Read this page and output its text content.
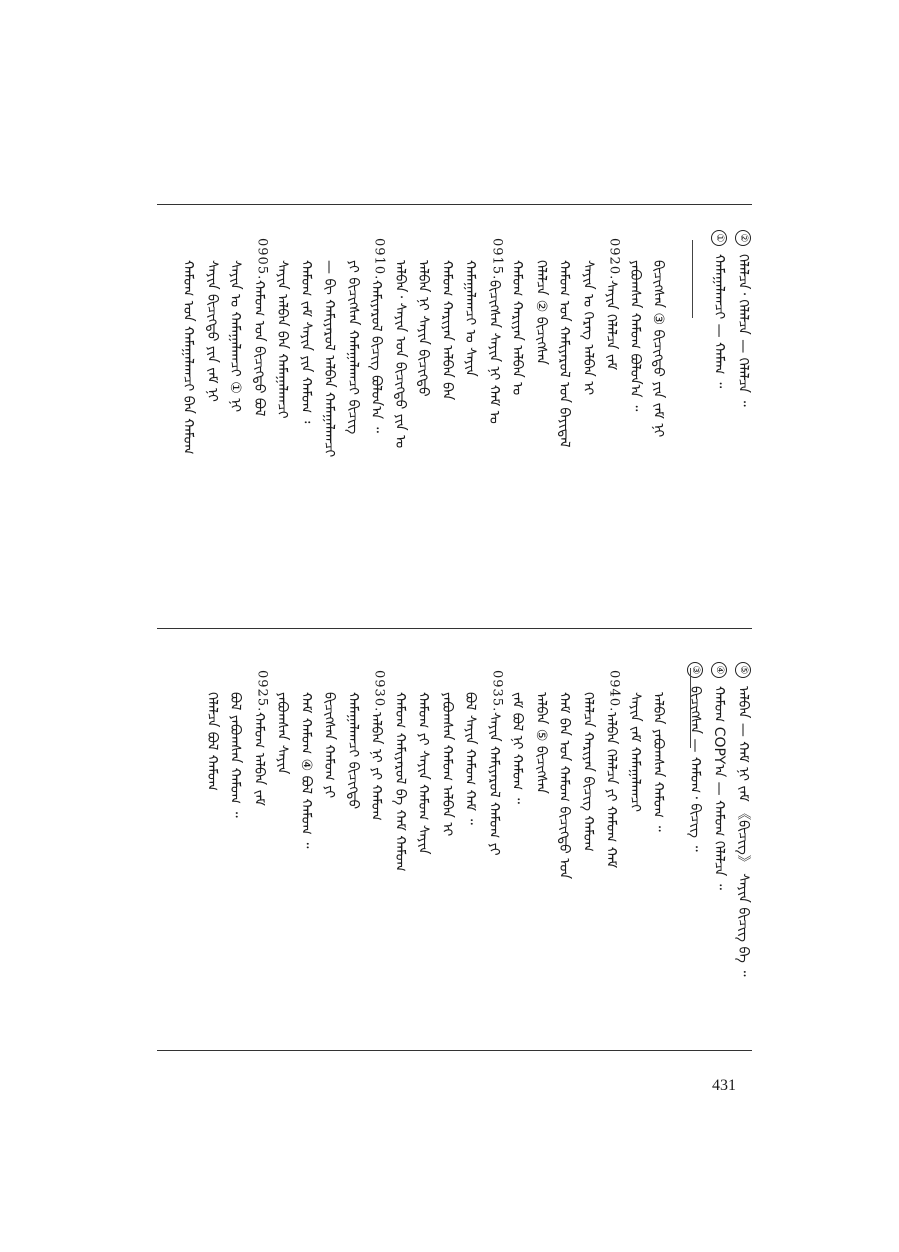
②ᠬᠡᠯᠡᠯᠴᠡ᠂ ᠬᠡᠯᠡᠯᠴᠡ — ᠬᠡᠯᠡᠯᠴᠡ ᠃
①ᠬᠠᠮᠠᠭᠠᠯᠠᠭᠴᠢ — ᠬᠠᠮᠠᠭ ᠃
ᠪᠢᠴᠢᠭᠰᠡᠨ ③ ᠪᠢᠴᠢᠭᠲᠦ ᠶᠢᠨ ᠵᠠᠮ ᠨᠢ
ᠶᠠᠪᠤᠭᠰᠠᠨ ᠬᠠᠮᠤᠭ ᠪᠣᠯᠤᠨ᠎ᠠ ᠃
0920.
ᠰᠠᠶᠢᠨ ᠬᠡᠯᠡᠯᠴᠡ ᠵᠠᠮ
ᠰᠠᠶᠢᠨ ᠤ ᠬᠡᠷᠡᠭ ᠠᠯᠪᠠᠨ ᠢ
ᠬᠠᠮᠤᠭ ᠤᠨ ᠬᠠᠮᠢᠶᠠᠷᠤᠯ ᠤᠨ ᠪᠠᠶᠢᠳᠠᠯ
ᠬᠡᠯᠡᠯᠴᠡ ② ᠪᠢᠴᠢᠭᠰᠡᠨ
ᠬᠠᠮᠤᠭ ᠬᠠᠷᠢᠶᠠᠨ ᠠᠯᠪᠠᠨ ᠤ
0915.
ᠪᠢᠴᠢᠭᠰᠡᠨ ᠰᠠᠶᠢᠨ ᠨᠢ ᠬᠠᠮ ᠤ
ᠬᠠᠮᠠᠭᠠᠯᠠᠭᠴᠢ ᠤ ᠰᠠᠶᠢᠨ
ᠬᠠᠮᠤᠭ ᠬᠠᠷᠢᠶᠠᠨ ᠠᠯᠪᠠᠨ ᠪᠠᠨ
ᠠᠯᠪᠠᠨ ᠨᠢ ᠰᠠᠶᠢᠨ ᠪᠢᠴᠢᠭᠲᠦ
ᠠᠯᠪᠠᠨ᠂ ᠰᠠᠶᠢᠨ ᠤᠨ ᠪᠢᠴᠢᠭᠲᠦ ᠶᠢᠨ ᠤ
0910.
ᠬᠠᠮᠢᠶᠠᠷᠤᠯ ᠪᠢᠴᠢᠭ ᠪᠣᠯᠤᠨ᠎ᠠ ᠃
ᠶᠢ ᠪᠢᠴᠢᠭᠰᠡᠨ ᠬᠠᠮᠠᠭᠠᠯᠠᠭᠴᠢ ᠪᠢᠴᠢᠭ
— ᠪᠢ ᠬᠠᠮᠢᠶᠠᠷᠤᠯ ᠠᠯᠪᠠᠨ ᠬᠠᠮᠠᠭᠠᠯᠠᠭᠴᠢ
ᠬᠠᠮᠤᠭ ᠵᠠᠮ ᠰᠠᠶᠢᠨ ᠶᠢᠨ ᠬᠠᠮᠤᠭ ᠄
ᠰᠠᠶᠢᠨ ᠠᠯᠪᠠᠨ ᠪᠠᠨ ᠬᠠᠮᠠᠭᠠᠯᠠᠭᠴᠢ
0905.
ᠬᠠᠮᠤᠭ ᠤᠨ ᠪᠢᠴᠢᠭᠲᠦ ᠪᠣᠯ
ᠰᠠᠶᠢᠨ ᠤ ᠬᠠᠮᠠᠭᠠᠯᠠᠭᠴᠢ ① ᠨᠢ
ᠰᠠᠶᠢᠨ ᠪᠢᠴᠢᠭᠲᠦ ᠶᠢᠨ ᠵᠠᠮ ᠨᠢ
ᠬᠠᠮᠤᠭ ᠤᠨ ᠬᠠᠮᠠᠭᠠᠯᠠᠭᠴᠢ ᠪᠠᠨ ᠬᠠᠮᠤᠭ
⑤ᠠᠯᠪᠠᠨ — ᠬᠠᠮ ᠨᠢ ᠵᠠᠮ 《ᠪᠢᠴᠢᠭ》 ᠰᠠᠶᠢᠨ ᠪᠢᠴᠢᠭ ᠪᠠ ᠃
④ᠬᠠᠮᠤᠭ COPY᠎ᠠ — ᠬᠠᠮᠤᠭ ᠬᠡᠯᠡᠯᠴᠡ ᠃
③ᠪᠢᠴᠢᠭᠰᠡᠨ — ᠬᠠᠮᠤᠭ᠂ ᠪᠢᠴᠢᠭ ᠃
ᠠᠯᠪᠠᠨ ᠶᠠᠪᠤᠭᠰᠠᠨ ᠬᠠᠮᠤᠭ ᠃
ᠰᠠᠶᠢᠨ ᠵᠠᠮ ᠬᠠᠮᠠᠭᠠᠯᠠᠭᠴᠢ
0940.
ᠠᠯᠪᠠᠨ ᠬᠡᠯᠡᠯᠴᠡ ᠶᠢ ᠬᠠᠮᠤᠭ ᠬᠠᠮ
ᠬᠡᠯᠡᠯᠴᠡ ᠬᠠᠷᠢᠶᠠᠨ ᠪᠢᠴᠢᠭ ᠬᠠᠮᠤᠭ
ᠬᠠᠮ ᠪᠠᠨ ᠤᠨ ᠬᠠᠮᠤᠭ ᠪᠢᠴᠢᠭᠲᠦ ᠤᠨ
ᠠᠯᠪᠠᠨ ⑤ ᠪᠢᠴᠢᠭᠰᠡᠨ
ᠵᠠᠮ ᠪᠣᠯ ᠨᠢ ᠬᠠᠮᠤᠭ ᠃
0935.
ᠰᠠᠶᠢᠨ ᠬᠠᠮᠢᠶᠠᠷᠤᠯ ᠬᠠᠮᠤᠭ ᠶᠢ
ᠪᠣᠯ ᠰᠠᠶᠢᠨ ᠬᠠᠮᠤᠭ ᠬᠠᠮ ᠃
ᠶᠠᠪᠤᠭᠰᠠᠨ ᠬᠠᠮᠤᠭ ᠠᠯᠪᠠᠨ ᠢ
ᠬᠠᠮᠤᠭ ᠶᠢ ᠰᠠᠶᠢᠨ ᠬᠠᠮᠤᠭ ᠰᠠᠶᠢᠨ
ᠬᠠᠮᠤᠭ ᠬᠠᠮᠢᠶᠠᠷᠤᠯ ᠪᠠ ᠬᠠᠮ ᠬᠠᠮᠤᠭ
0930.
ᠠᠯᠪᠠᠨ ᠨᠢ ᠶᠢ ᠬᠠᠮᠤᠭ
ᠬᠠᠮᠠᠭᠠᠯᠠᠭᠴᠢ ᠪᠢᠴᠢᠭᠲᠦ
ᠪᠢᠴᠢᠭᠰᠡᠨ ᠬᠠᠮᠤᠭ ᠶᠢ
ᠬᠠᠮ ᠬᠠᠮᠤᠭ ④ ᠪᠣᠯ ᠬᠠᠮᠤᠭ ᠃
ᠶᠠᠪᠤᠭᠰᠠᠨ ᠰᠠᠶᠢᠨ
0925.
ᠬᠠᠮᠤᠭ ᠠᠯᠪᠠᠨ ᠵᠠᠮ
ᠪᠣᠯ ᠶᠠᠪᠤᠭᠰᠠᠨ ᠬᠠᠮᠤᠭ ᠃
ᠬᠡᠯᠡᠯᠴᠡ ᠪᠣᠯ ᠬᠠᠮᠤᠭ
431
